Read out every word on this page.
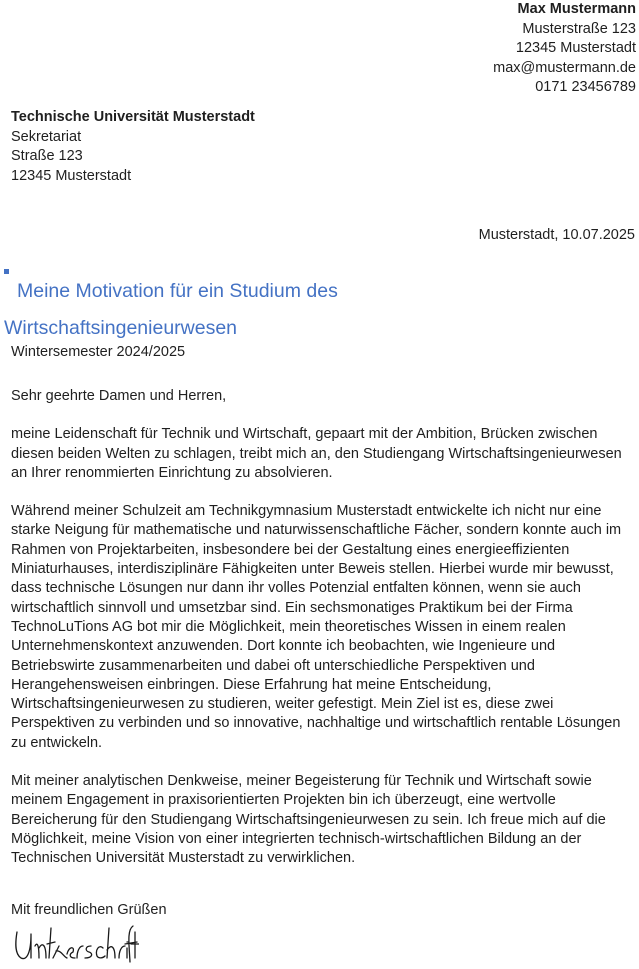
Max Mustermann
Musterstraße 123
12345 Musterstadt
max@mustermann.de
0171 23456789
Technische Universität Musterstadt
Sekretariat
Straße 123
12345 Musterstadt
Musterstadt, 10.07.2025
Meine Motivation für ein Studium des Wirtschaftsingenieurwesen
Wintersemester 2024/2025

Sehr geehrte Damen und Herren,

meine Leidenschaft für Technik und Wirtschaft, gepaart mit der Ambition, Brücken zwischen diesen beiden Welten zu schlagen, treibt mich an, den Studiengang Wirtschaftsingenieurwesen an Ihrer renommierten Einrichtung zu absolvieren.

Während meiner Schulzeit am Technikgymnasium Musterstadt entwickelte ich nicht nur eine starke Neigung für mathematische und naturwissenschaftliche Fächer, sondern konnte auch im Rahmen von Projektarbeiten, insbesondere bei der Gestaltung eines energieeffizienten Miniaturhauses, interdisziplinäre Fähigkeiten unter Beweis stellen. Hierbei wurde mir bewusst, dass technische Lösungen nur dann ihr volles Potenzial entfalten können, wenn sie auch wirtschaftlich sinnvoll und umsetzbar sind. Ein sechsmonatiges Praktikum bei der Firma TechnoLuTions AG bot mir die Möglichkeit, mein theoretisches Wissen in einem realen Unternehmenskontext anzuwenden. Dort konnte ich beobachten, wie Ingenieure und Betriebswirte zusammenarbeiten und dabei oft unterschiedliche Perspektiven und Herangehensweisen einbringen. Diese Erfahrung hat meine Entscheidung, Wirtschaftsingenieurwesen zu studieren, weiter gefestigt. Mein Ziel ist es, diese zwei Perspektiven zu verbinden und so innovative, nachhaltige und wirtschaftlich rentable Lösungen zu entwickeln.

Mit meiner analytischen Denkweise, meiner Begeisterung für Technik und Wirtschaft sowie meinem Engagement in praxisorientierten Projekten bin ich überzeugt, eine wertvolle Bereicherung für den Studiengang Wirtschaftsingenieurwesen zu sein. Ich freue mich auf die Möglichkeit, meine Vision von einer integrierten technisch-wirtschaftlichen Bildung an der Technischen Universität Musterstadt zu verwirklichen.

Mit freundlichen Grüßen
